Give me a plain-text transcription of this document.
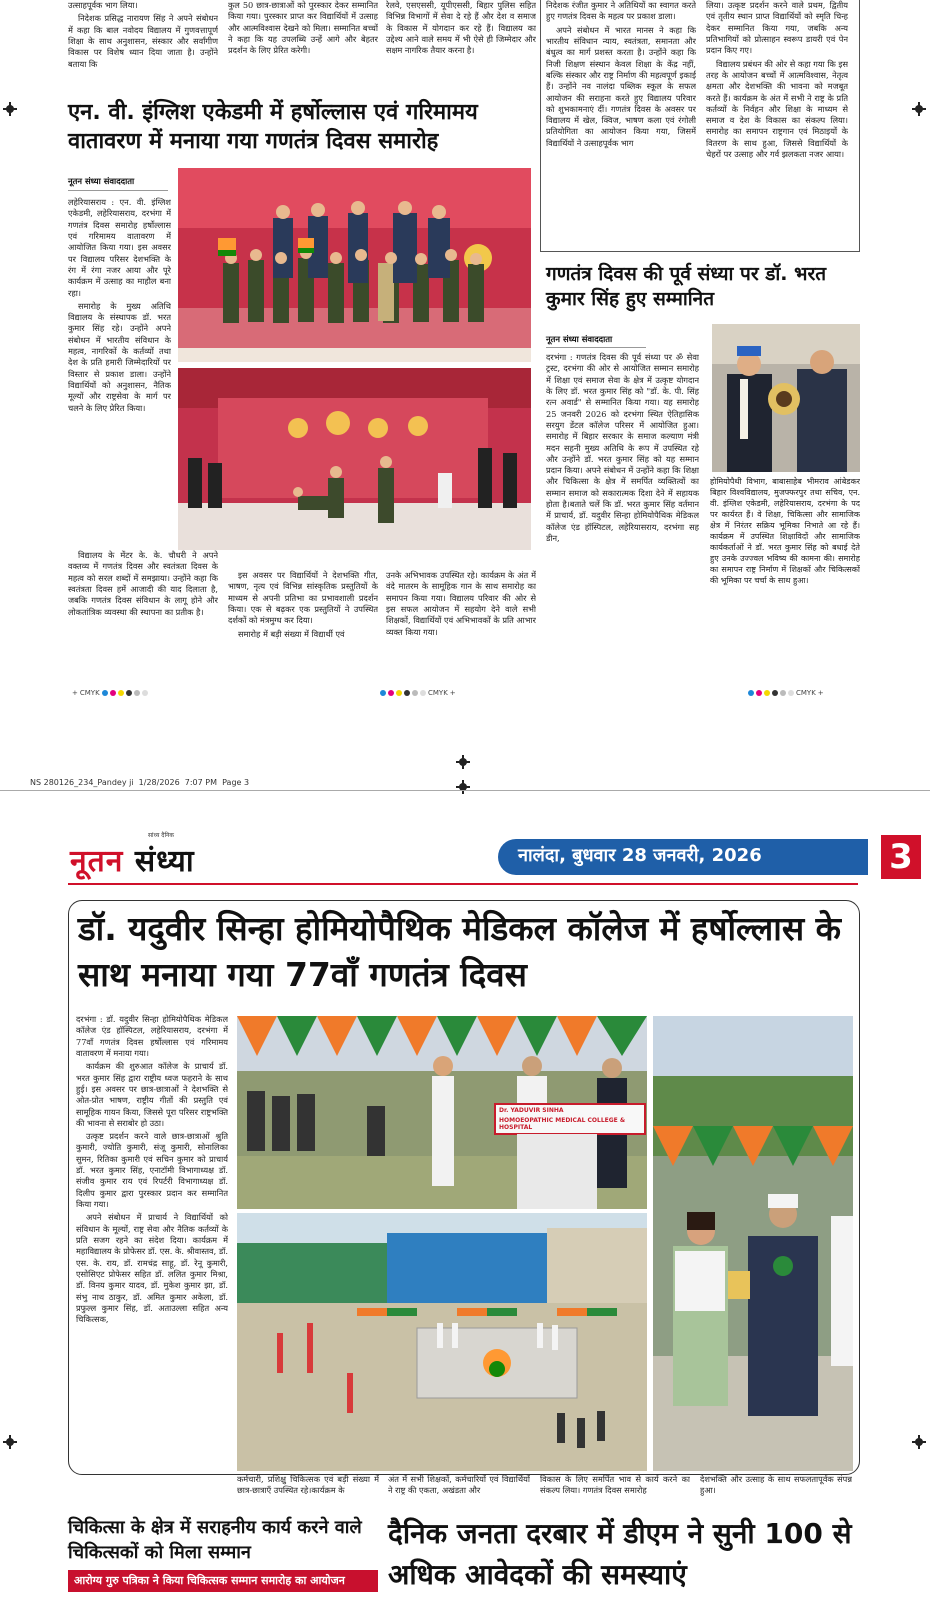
उत्साहपूर्वक भाग लिया।

निदेशक प्रसिद्ध नारायण सिंह ने अपने संबोधन में कहा कि बाल नवोदय विद्यालय में गुणवत्तापूर्ण शिक्षा के साथ अनुशासन, संस्कार और सर्वांगीण विकास पर विशेष ध्यान दिया जाता है। उन्होंने बताया कि

कुल 50 छात्र-छात्राओं को पुरस्कार देकर सम्मानित किया गया। पुरस्कार प्राप्त कर विद्यार्थियों में उत्साह और आत्मविश्वास देखने को मिला। सम्मानित बच्चों ने कहा कि यह उपलब्धि उन्हें आगे और बेहतर प्रदर्शन के लिए प्रेरित करेगी।

रेलवे, एसएससी, यूपीएससी, बिहार पुलिस सहित विभिन्न विभागों में सेवा दे रहे हैं और देश व समाज के विकास में योगदान कर रहे हैं। विद्यालय का उद्देश्य आने वाले समय में भी ऐसे ही जिम्मेदार और सक्षम नागरिक तैयार करना है।

एन. वी. इंग्लिश एकेडमी में हर्षोल्लास एवं गरिमामय वातावरण में मनाया गया गणतंत्र दिवस समारोह
नूतन संध्या संवाददाता

लहेरियासराय : एन. वी. इंग्लिश एकेडमी, लहेरियासराय, दरभंगा में गणतंत्र दिवस समारोह हर्षोल्लास एवं गरिमामय वातावरण में आयोजित किया गया। इस अवसर पर विद्यालय परिसर देशभक्ति के रंग में रंगा नजर आया और पूरे कार्यक्रम में उत्साह का माहौल बना रहा।

समारोह के मुख्य अतिथि विद्यालय के संस्थापक डॉ. भरत कुमार सिंह रहे। उन्होंने अपने संबोधन में भारतीय संविधान के महत्व, नागरिकों के कर्तव्यों तथा देश के प्रति हमारी जिम्मेदारियों पर विस्तार से प्रकाश डाला। उन्होंने विद्यार्थियों को अनुशासन, नैतिक मूल्यों और राष्ट्रसेवा के मार्ग पर चलने के लिए प्रेरित किया।

विद्यालय के मेंटर के. के. चौधरी ने अपने वक्तव्य में गणतंत्र दिवस और स्वतंत्रता दिवस के महत्व को सरल शब्दों में समझाया। उन्होंने कहा कि स्वतंत्रता दिवस हमें आजादी की याद दिलाता है, जबकि गणतंत्र दिवस संविधान के लागू होने और लोकतांत्रिक व्यवस्था की स्थापना का प्रतीक है।

इस अवसर पर विद्यार्थियों ने देशभक्ति गीत, भाषण, नृत्य एवं विभिन्न सांस्कृतिक प्रस्तुतियों के माध्यम से अपनी प्रतिभा का प्रभावशाली प्रदर्शन किया। एक से बढ़कर एक प्रस्तुतियों ने उपस्थित दर्शकों को मंत्रमुग्ध कर दिया।

समारोह में बड़ी संख्या में विद्यार्थी एवं

उनके अभिभावक उपस्थित रहे। कार्यक्रम के अंत में वंदे मातरम के सामूहिक गान के साथ समारोह का समापन किया गया। विद्यालय परिवार की ओर से इस सफल आयोजन में सहयोग देने वाले सभी शिक्षकों, विद्यार्थियों एवं अभिभावकों के प्रति आभार व्यक्त किया गया।

निदेशक रंजीत कुमार ने अतिथियों का स्वागत करते हुए गणतंत्र दिवस के महत्व पर प्रकाश डाला।

अपने संबोधन में भारत मानस ने कहा कि भारतीय संविधान न्याय, स्वतंत्रता, समानता और बंधुत्व का मार्ग प्रशस्त करता है। उन्होंने कहा कि निजी शिक्षण संस्थान केवल शिक्षा के केंद्र नहीं, बल्कि संस्कार और राष्ट्र निर्माण की महत्वपूर्ण इकाई हैं। उन्होंने नव नालंदा पब्लिक स्कूल के सफल आयोजन की सराहना करते हुए विद्यालय परिवार को शुभकामनाएं दीं। गणतंत्र दिवस के अवसर पर विद्यालय में खेल, क्विज, भाषण कला एवं रंगोली प्रतियोगिता का आयोजन किया गया, जिसमें विद्यार्थियों ने उत्साहपूर्वक भाग

लिया। उत्कृष्ट प्रदर्शन करने वाले प्रथम, द्वितीय एवं तृतीय स्थान प्राप्त विद्यार्थियों को स्मृति चिन्ह देकर सम्मानित किया गया, जबकि अन्य प्रतिभागियों को प्रोत्साहन स्वरूप डायरी एवं पेन प्रदान किए गए।

विद्यालय प्रबंधन की ओर से कहा गया कि इस तरह के आयोजन बच्चों में आत्मविश्वास, नेतृत्व क्षमता और देशभक्ति की भावना को मजबूत करते हैं। कार्यक्रम के अंत में सभी ने राष्ट्र के प्रति कर्तव्यों के निर्वहन और शिक्षा के माध्यम से समाज व देश के विकास का संकल्प लिया। समारोह का समापन राष्ट्रगान एवं मिठाइयों के वितरण के साथ हुआ, जिससे विद्यार्थियों के चेहरों पर उत्साह और गर्व झलकता नजर आया।

गणतंत्र दिवस की पूर्व संध्या पर डॉ. भरत कुमार सिंह हुए सम्मानित
नूतन संध्या संवाददाता

दरभंगा : गणतंत्र दिवस की पूर्व संध्या पर ॐ सेवा ट्रस्ट, दरभंगा की ओर से आयोजित सम्मान समारोह में शिक्षा एवं समाज सेवा के क्षेत्र में उत्कृष्ट योगदान के लिए डॉ. भरत कुमार सिंह को "डॉ. के. पी. सिंह रत्न अवार्ड" से सम्मानित किया गया। यह समारोह 25 जनवरी 2026 को दरभंगा स्थित ऐतिहासिक सरयुग डेंटल कॉलेज परिसर में आयोजित हुआ।समारोह में बिहार सरकार के समाज कल्याण मंत्री मदन सहनी मुख्य अतिथि के रूप में उपस्थित रहे और उन्होंने डॉ. भरत कुमार सिंह को यह सम्मान प्रदान किया। अपने संबोधन में उन्होंने कहा कि शिक्षा और चिकित्सा के क्षेत्र में समर्पित व्यक्तित्वों का सम्मान समाज को सकारात्मक दिशा देने में सहायक होता है।बताते चलें कि डॉ. भरत कुमार सिंह वर्तमान में प्राचार्य, डॉ. यदुवीर सिन्हा होमियोपैथिक मेडिकल कॉलेज एंड हॉस्पिटल, लहेरियासराय, दरभंगा सह डीन,

होमियोपैथी विभाग, बाबासाहेब भीमराव आंबेडकर बिहार विश्वविद्यालय, मुजफ्फरपुर तथा सचिव, एन. वी. इंग्लिश एकेडमी, लहेरियासराय, दरभंगा के पद पर कार्यरत हैं। वे शिक्षा, चिकित्सा और सामाजिक क्षेत्र में निरंतर सक्रिय भूमिका निभाते आ रहे हैं।कार्यक्रम में उपस्थित शिक्षाविदों और सामाजिक कार्यकर्ताओं ने डॉ. भरत कुमार सिंह को बधाई देते हुए उनके उज्ज्वल भविष्य की कामना की। समारोह का समापन राष्ट्र निर्माण में शिक्षकों और चिकित्सकों की भूमिका पर चर्चा के साथ हुआ।
+ CMYK	CMYK +	CMYK +
NS 280126_234_Pandey ji  1/28/2026  7:07 PM  Page 3
सांध्य दैनिक
नूतन संध्या	नालंदा, बुधवार 28 जनवरी, 2026	3
डॉ. यदुवीर सिन्हा होमियोपैथिक मेडिकल कॉलेज में हर्षोल्लास के साथ मनाया गया 77वाँ गणतंत्र दिवस

दरभंगा : डॉ. यदुवीर सिन्हा होमियोपैथिक मेडिकल कॉलेज एंड हॉस्पिटल, लहेरियासराय, दरभंगा में 77वाँ गणतंत्र दिवस हर्षोल्लास एवं गरिमामय वातावरण में मनाया गया।

कार्यक्रम की शुरुआत कॉलेज के प्राचार्य डॉ. भरत कुमार सिंह द्वारा राष्ट्रीय ध्वज फहराने के साथ हुई। इस अवसर पर छात्र-छात्राओं ने देशभक्ति से ओत-प्रोत भाषण, राष्ट्रीय गीतों की प्रस्तुति एवं सामूहिक गायन किया, जिससे पूरा परिसर राष्ट्रभक्ति की भावना से सराबोर हो उठा।

उत्कृष्ट प्रदर्शन करने वाले छात्र-छात्राओं श्रुति कुमारी, ज्योति कुमारी, संजू कुमारी, सोनालिका सुमन, रितिका कुमारी एवं सचिन कुमार को प्राचार्य डॉ. भरत कुमार सिंह, एनाटॉमी विभागाध्यक्ष डॉ. संजीव कुमार राय एवं रिपर्टरी विभागाध्यक्ष डॉ. दिलीप कुमार द्वारा पुरस्कार प्रदान कर सम्मानित किया गया।

अपने संबोधन में प्राचार्य ने विद्यार्थियों को संविधान के मूल्यों, राष्ट्र सेवा और नैतिक कर्तव्यों के प्रति सजग रहने का संदेश दिया। कार्यक्रम में महाविद्यालय के प्रोफेसर डॉ. एस. के. श्रीवास्तव, डॉ. एस. के. राय, डॉ. रामचंद्र साहू, डॉ. रेनू कुमारी, एसोसिएट प्रोफेसर सहित डॉ. ललित कुमार मिश्रा, डॉ. विनय कुमार यादव, डॉ. मुकेश कुमार झा, डॉ. संभु नाथ ठाकुर, डॉ. अमित कुमार अकेला, डॉ. प्रफुल्ल कुमार सिंह, डॉ. अताउल्ला सहित अन्य चिकित्सक,

Dr. YADUVIR SINHA
HOMOEOPATHIC MEDICAL COLLEGE & HOSPITAL

कर्मचारी, प्रशिक्षु चिकित्सक एवं बड़ी संख्या में छात्र-छात्राएँ उपस्थित रहे।कार्यक्रम के

अंत में सभी शिक्षकों, कर्मचारियों एवं विद्यार्थियों ने राष्ट्र की एकता, अखंडता और

विकास के लिए समर्पित भाव से कार्य करने का संकल्प लिया। गणतंत्र दिवस समारोह

देशभक्ति और उत्साह के साथ सफलतापूर्वक संपन्न हुआ।

चिकित्सा के क्षेत्र में सराहनीय कार्य करने वाले चिकित्सकों को मिला सम्मान
आरोग्य गुरु पत्रिका ने किया चिकित्सक सम्मान समारोह का आयोजन
दैनिक जनता दरबार में डीएम ने सुनी 100 से अधिक आवेदकों की समस्याएं
